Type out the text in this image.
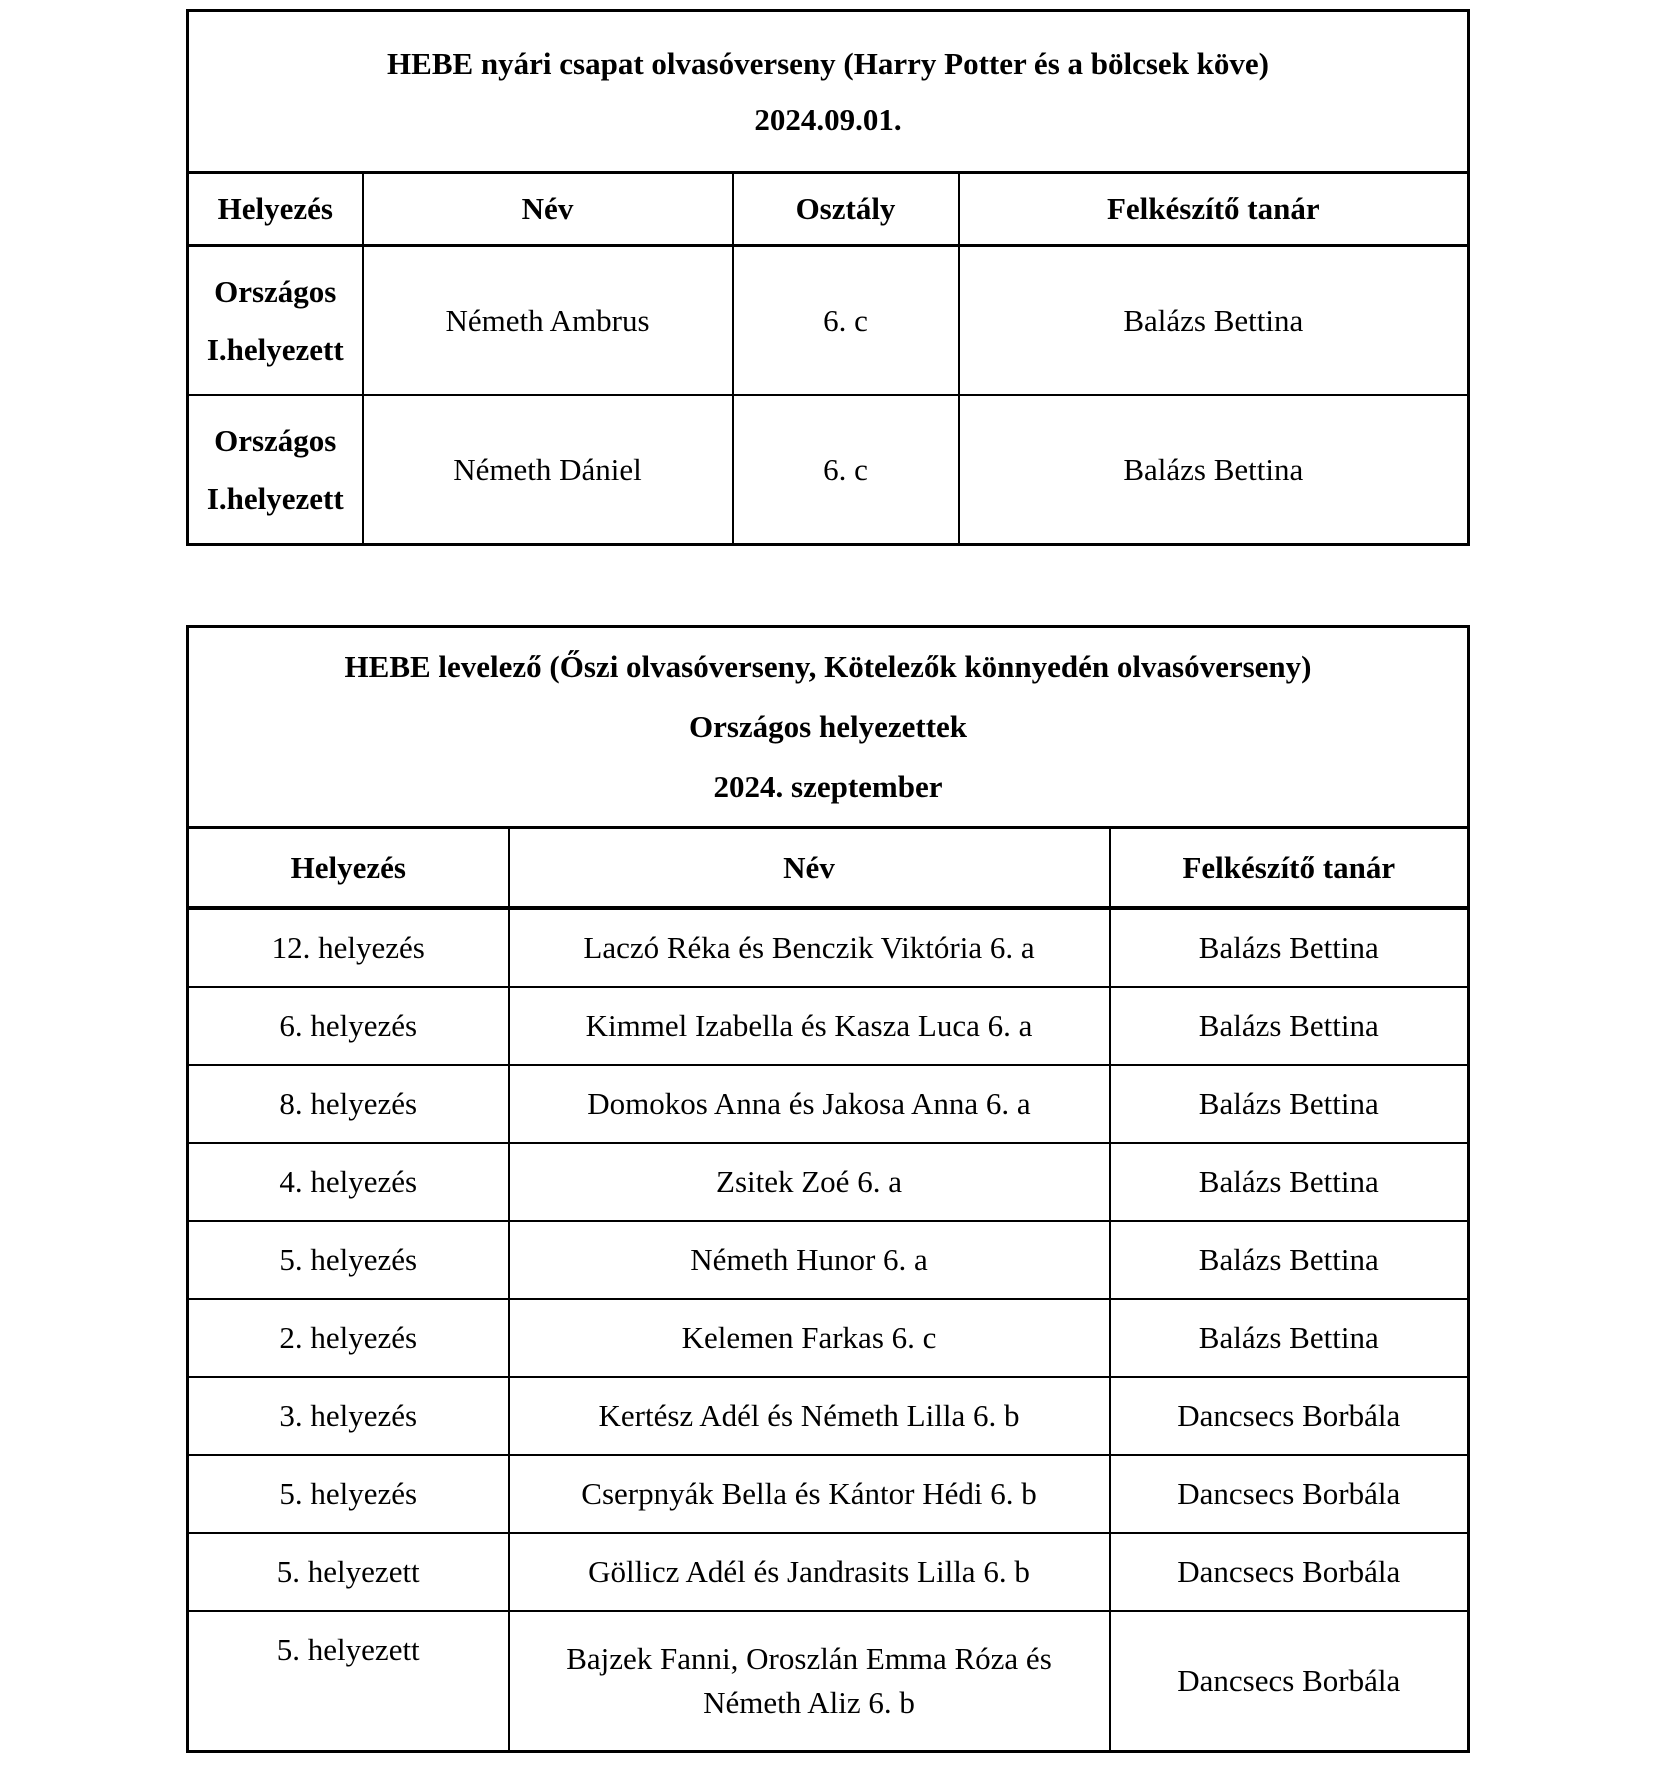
HEBE nyári csapat olvasóverseny (Harry Potter és a bölcsek köve)
2024.09.01.			

Helyezés	Név	Osztály	Felkészítő tanár

Országos
I.helyezett	Németh Ambrus	6. c	Balázs Bettina

Országos
I.helyezett	Németh Dániel	6. c	Balázs Bettina
HEBE levelező (Őszi olvasóverseny, Kötelezők könnyedén olvasóverseny)
Országos helyezettek
2024. szeptember		

Helyezés	Név	Felkészítő tanár
12. helyezés	Laczó Réka és Benczik Viktória 6. a	Balázs Bettina
6. helyezés	Kimmel Izabella és Kasza Luca 6. a	Balázs Bettina
8. helyezés	Domokos Anna és Jakosa Anna 6. a	Balázs Bettina
4. helyezés	Zsitek Zoé 6. a	Balázs Bettina
5. helyezés	Németh Hunor 6. a	Balázs Bettina
2. helyezés	Kelemen Farkas 6. c	Balázs Bettina
3. helyezés	Kertész Adél és Németh Lilla 6. b	Dancsecs Borbála
5. helyezés	Cserpnyák Bella és Kántor Hédi 6. b	Dancsecs Borbála
5. helyezett	Göllicz Adél és Jandrasits Lilla 6. b	Dancsecs Borbála
5. helyezett	Bajzek Fanni, Oroszlán Emma Róza és
Németh Aliz 6. b	Dancsecs Borbála
